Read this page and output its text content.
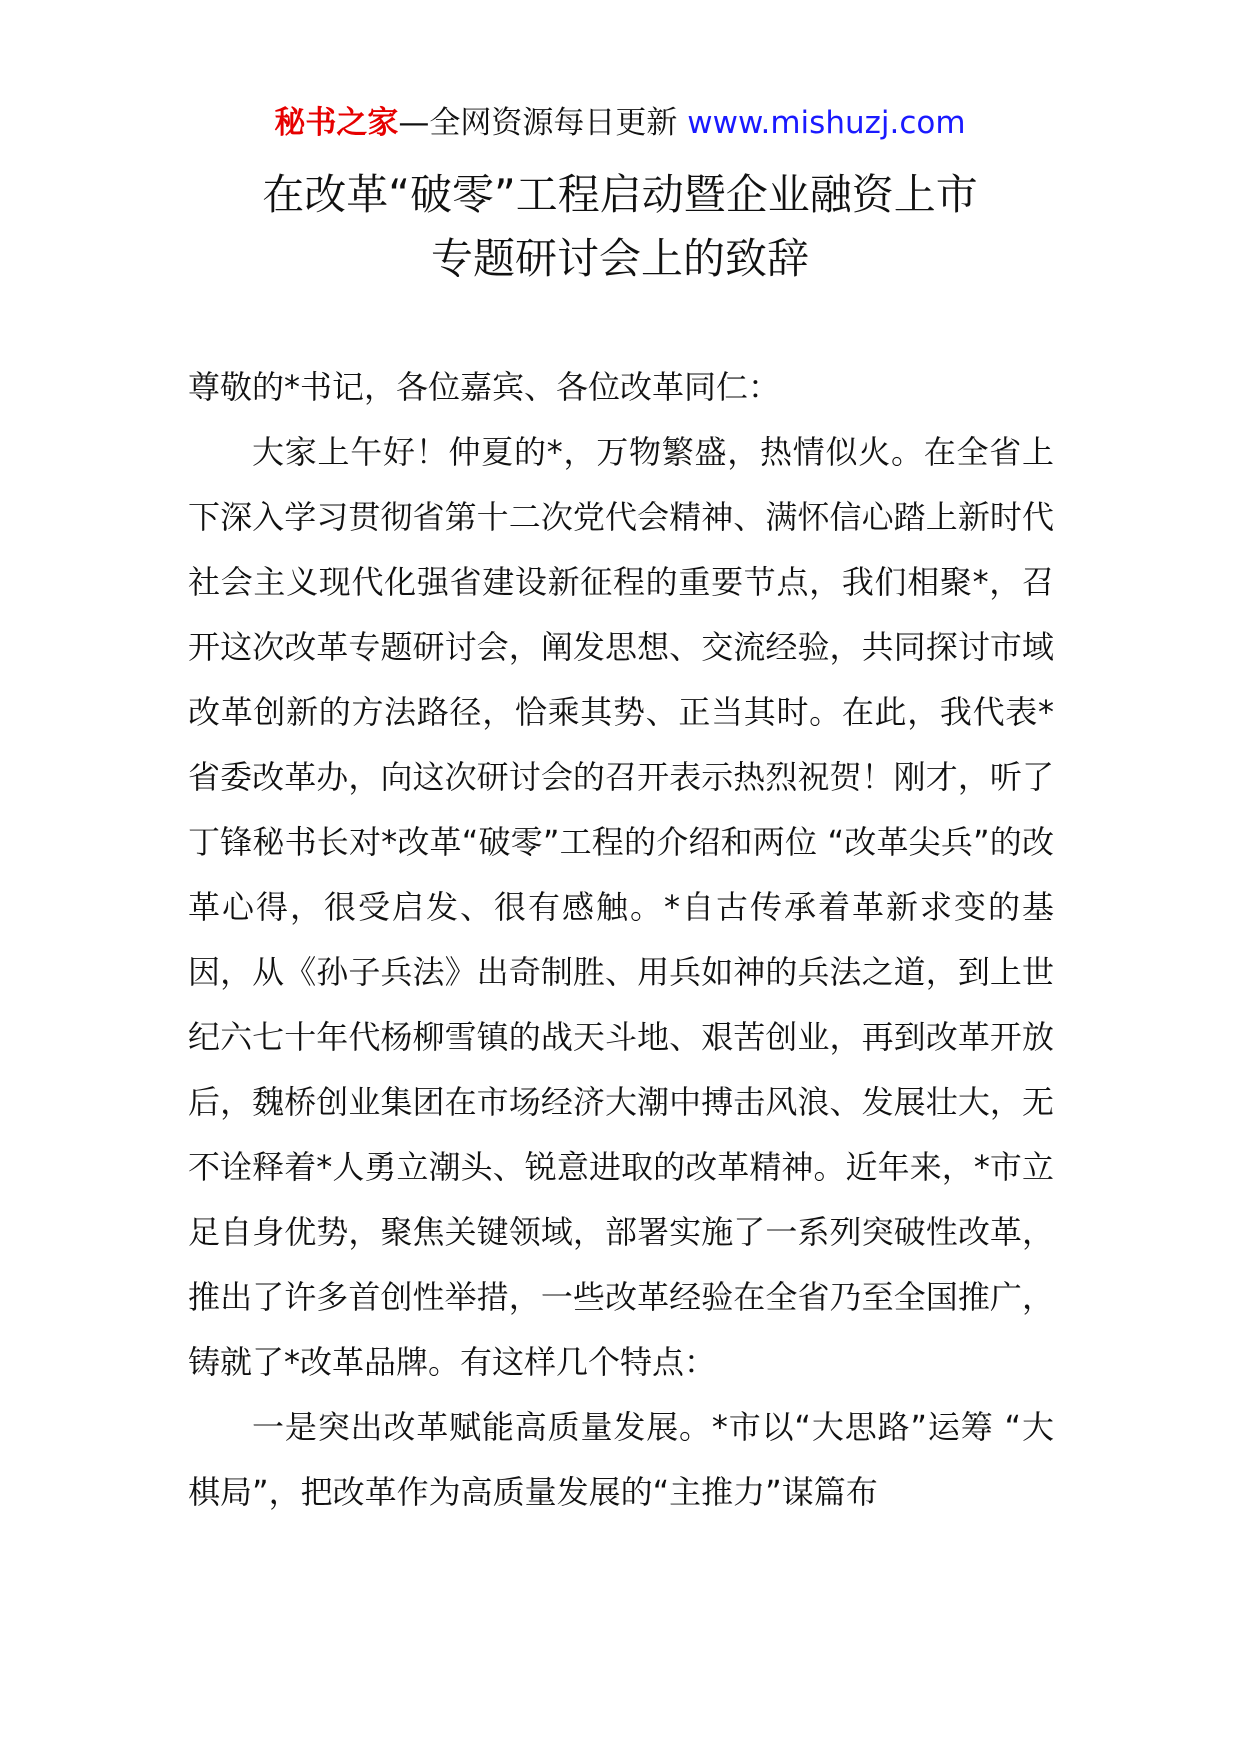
秘书之家—全网资源每日更新 www.mishuzj.com
在改革“破零”工程启动暨企业融资上市
专题研讨会上的致辞

尊敬的*书记，各位嘉宾、各位改革同仁：

大家上午好！仲夏的*，万物繁盛，热情似火。在全省上下深入学习贯彻省第十二次党代会精神、满怀信心踏上新时代社会主义现代化强省建设新征程的重要节点，我们相聚*，召开这次改革专题研讨会，阐发思想、交流经验，共同探讨市域改革创新的方法路径，恰乘其势、正当其时。在此，我代表*省委改革办，向这次研讨会的召开表示热烈祝贺！刚才，听了丁锋秘书长对*改革“破零”工程的介绍和两位 “改革尖兵”的改革心得，很受启发、很有感触。*自古传承着革新求变的基因，从《孙子兵法》出奇制胜、用兵如神的兵法之道，到上世纪六七十年代杨柳雪镇的战天斗地、艰苦创业，再到改革开放后，魏桥创业集团在市场经济大潮中搏击风浪、发展壮大，无不诠释着*人勇立潮头、锐意进取的改革精神。近年来，*市立足自身优势，聚焦关键领域，部署实施了一系列突破性改革，推出了许多首创性举措，一些改革经验在全省乃至全国推广，铸就了*改革品牌。有这样几个特点：

一是突出改革赋能高质量发展。*市以“大思路”运筹 “大棋局”，把改革作为高质量发展的“主推力”谋篇布
